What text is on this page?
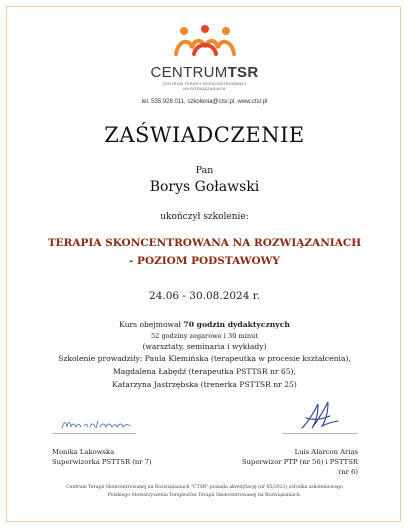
CENTRUMTSR
CENTRUM TERAPII SKONCENTROWANEJ
NA ROZWIĄZANIACH
tel. 535 928 011, szkolenia@ctsr.pl, www.ctsr.pl
ZAŚWIADCZENIE
Pan
Borys Goławski
ukończył szkolenie:
TERAPIA SKONCENTROWANA NA ROZWIĄZANIACH
- POZIOM PODSTAWOWY
24.06 - 30.08.2024 r.
Kurs obejmował 70 godzin dydaktycznych
52 godziny zegarowe i 30 minut
(warsztaty, seminaria i wykłady)
Szkolenie prowadziły: Paula Klemińska (terapeutka w procesie kształcenia),
Magdalena Łabędź (terapeutka PSTTSR nr 65),
Katarzyna Jastrzębska (trenerka PSTTSR nr 25)
Monika Lakowska
Superwizorka PSTTSR (nr 7)
Luis Alarcon Arias
Superwizor PTP (nr 56) i PSTTSR (nr 6)
Centrum Terapii Skoncentrowanej na Rozwiązaniach "CTSR" posiada akredytację (nr 05/2021) ośrodka szkoleniowego
Polskiego Stowarzyszenia Terapeutów Terapii Skoncentrowanej na Rozwiązaniach.
